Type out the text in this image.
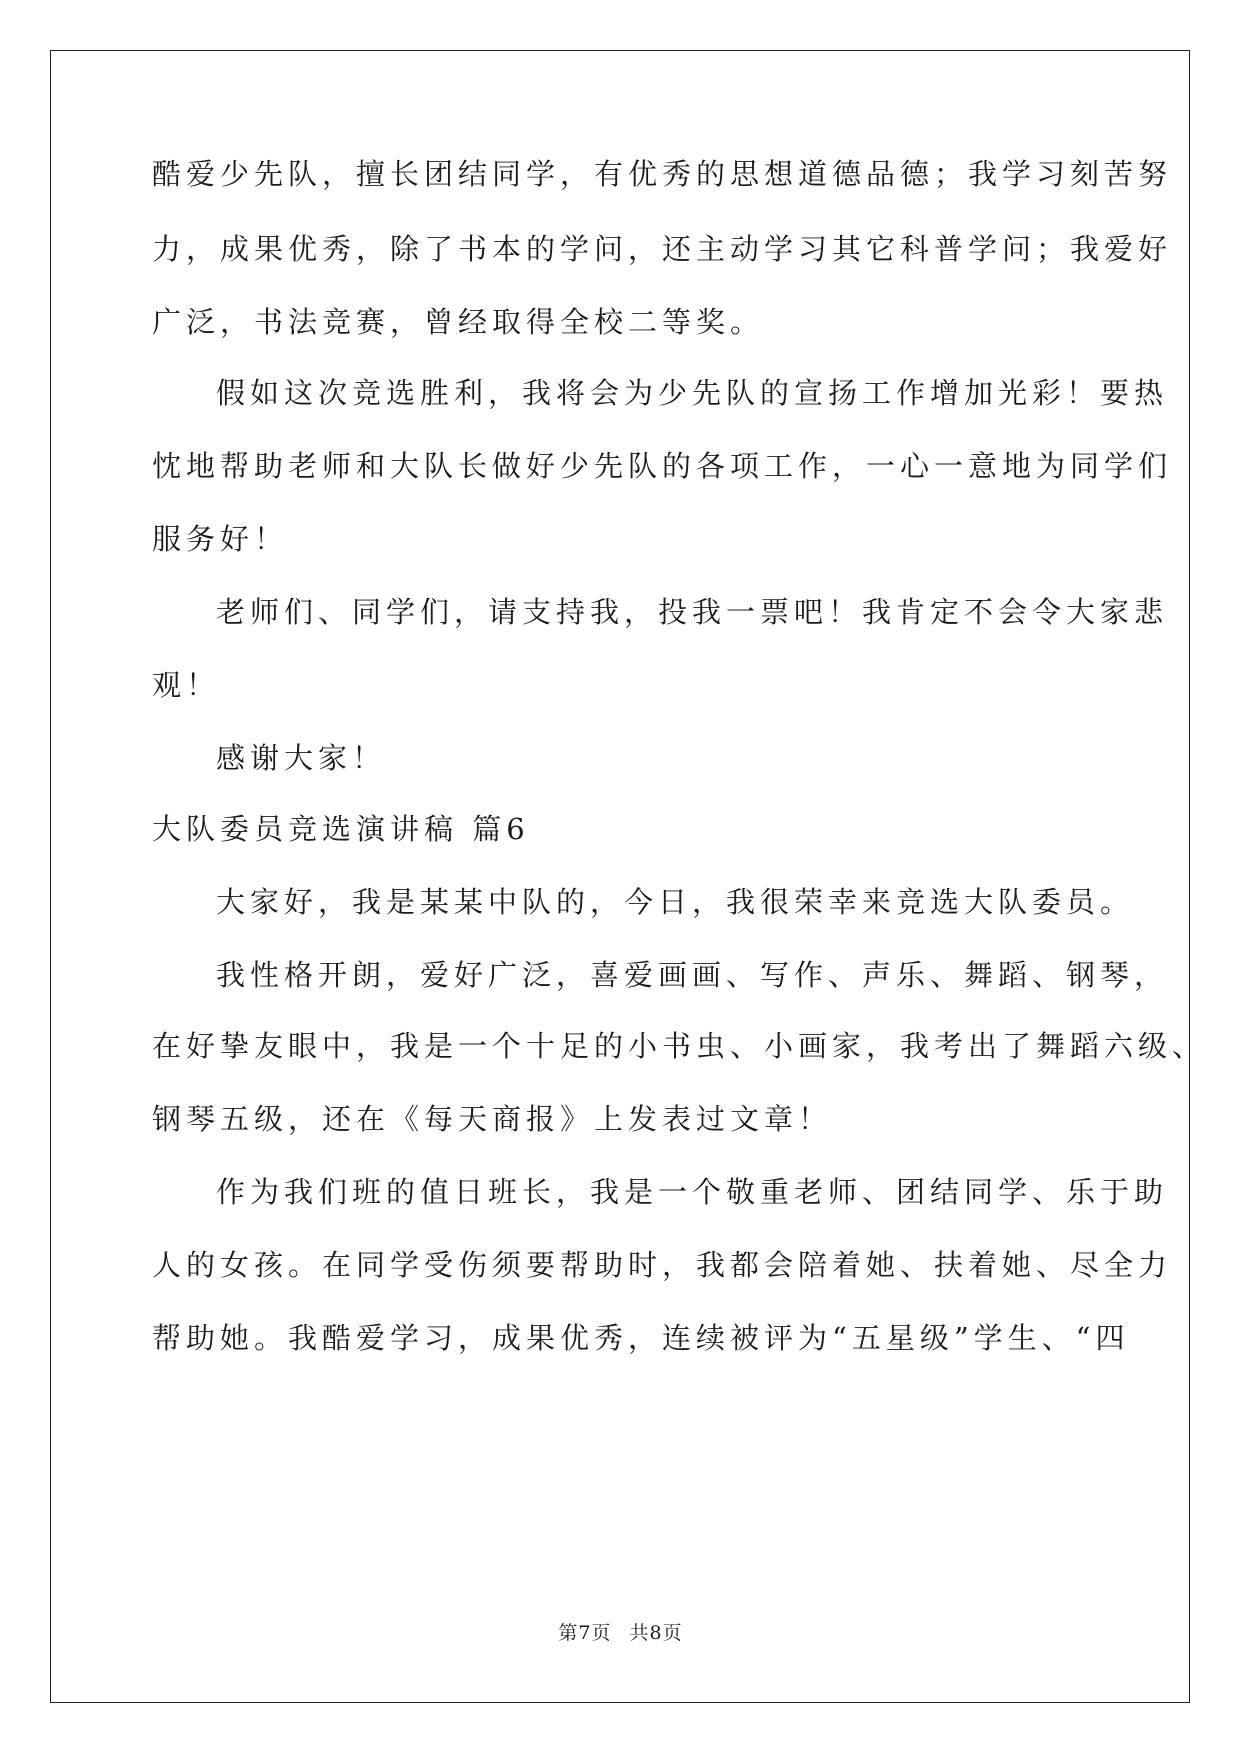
酷爱少先队，擅长团结同学，有优秀的思想道德品德；我学习刻苦努
力，成果优秀，除了书本的学问，还主动学习其它科普学问；我爱好
广泛，书法竞赛，曾经取得全校二等奖。
假如这次竞选胜利，我将会为少先队的宣扬工作增加光彩！要热
忱地帮助老师和大队长做好少先队的各项工作，一心一意地为同学们
服务好！
老师们、同学们，请支持我，投我一票吧！我肯定不会令大家悲
观！
感谢大家！
大队委员竞选演讲稿 篇6
大家好，我是某某中队的，今日，我很荣幸来竞选大队委员。
我性格开朗，爱好广泛，喜爱画画、写作、声乐、舞蹈、钢琴，
在好挚友眼中，我是一个十足的小书虫、小画家，我考出了舞蹈六级、
钢琴五级，还在《每天商报》上发表过文章！
作为我们班的值日班长，我是一个敬重老师、团结同学、乐于助
人的女孩。在同学受伤须要帮助时，我都会陪着她、扶着她、尽全力
帮助她。我酷爱学习，成果优秀，连续被评为“五星级”学生、“四
第7页 共8页
